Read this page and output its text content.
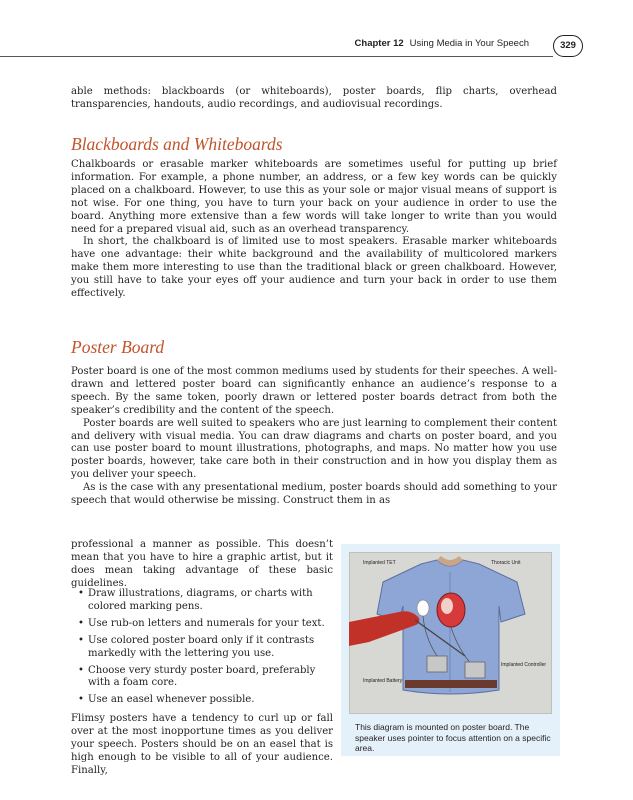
Chapter 12 Using Media in Your Speech	329

able methods: blackboards (or whiteboards), poster boards, flip charts, overhead transparencies, handouts, audio recordings, and audiovisual recordings.

Blackboards and Whiteboards

Chalkboards or erasable marker whiteboards are sometimes useful for putting up brief information. For example, a phone number, an address, or a few key words can be quickly placed on a chalkboard. However, to use this as your sole or major visual means of support is not wise. For one thing, you have to turn your back on your audience in order to use the board. Anything more extensive than a few words will take longer to write than you would need for a prepared visual aid, such as an overhead transparency.

In short, the chalkboard is of limited use to most speakers. Erasable marker whiteboards have one advantage: their white background and the availability of multicolored markers make them more interesting to use than the traditional black or green chalkboard. However, you still have to take your eyes off your audience and turn your back in order to use them effectively.

Poster Board

Poster board is one of the most common mediums used by students for their speeches. A well-drawn and lettered poster board can significantly enhance an audience’s response to a speech. By the same token, poorly drawn or lettered poster boards detract from both the speaker’s credibility and the content of the speech.

Poster boards are well suited to speakers who are just learning to complement their content and delivery with visual media. You can draw diagrams and charts on poster board, and you can use poster board to mount illustrations, photographs, and maps. No matter how you use poster boards, however, take care both in their construction and in how you display them as you deliver your speech.

As is the case with any presentational medium, poster boards should add something to your speech that would otherwise be missing. Construct them in as

professional a manner as possible. This doesn’t mean that you have to hire a graphic artist, but it does mean taking advantage of these basic guidelines.

• Draw illustrations, diagrams, or charts with colored marking pens.
• Use rub-on letters and numerals for your text.
• Use colored poster board only if it contrasts markedly with the lettering you use.
• Choose very sturdy poster board, preferably with a foam core.
• Use an easel whenever possible.

Flimsy posters have a tendency to curl up or fall over at the most inopportune times as you deliver your speech. Posters should be on an easel that is high enough to be visible to all of your audience. Finally,

Implanted TET	Thoracic Unit
Implanted Battery
Implanted Controller
This diagram is mounted on poster board. The speaker uses pointer to focus attention on a specific area.
